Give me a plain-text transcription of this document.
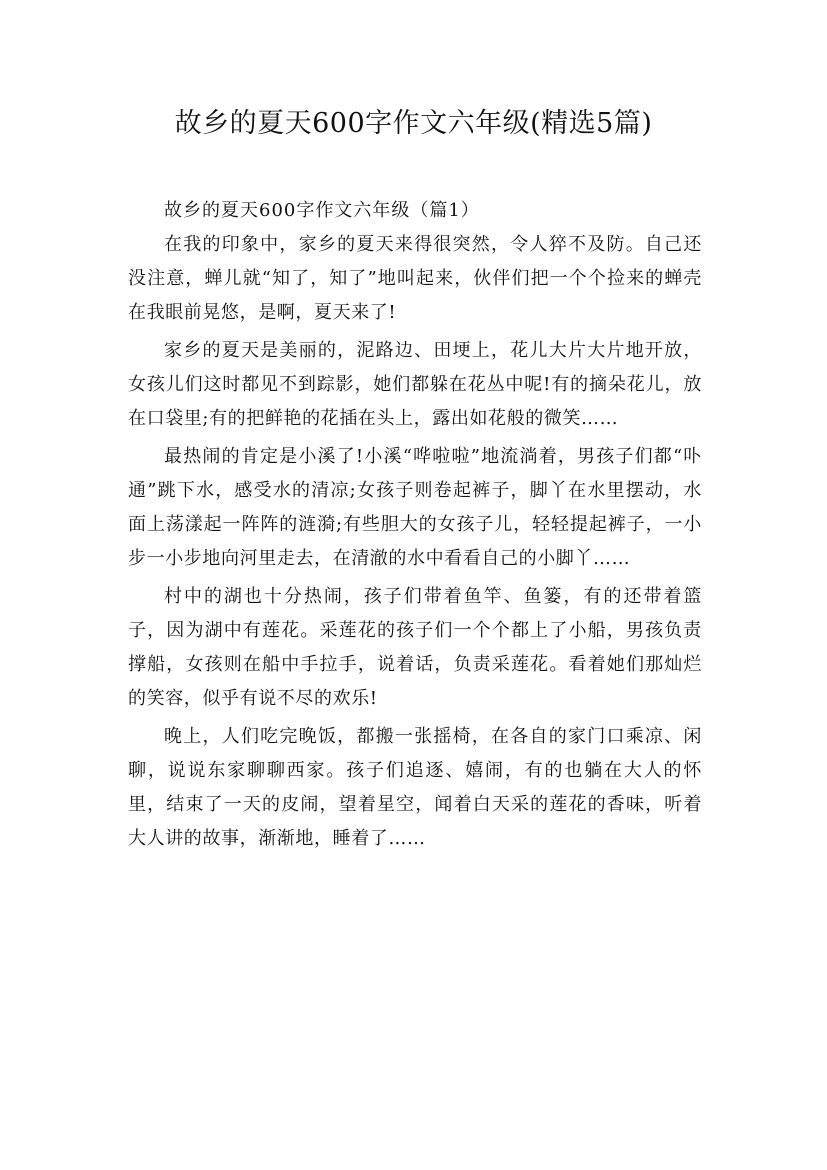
故乡的夏天600字作文六年级(精选5篇)

故乡的夏天600字作文六年级（篇1）

在我的印象中，家乡的夏天来得很突然，令人猝不及防。自己还没注意，蝉儿就“知了，知了”地叫起来，伙伴们把一个个捡来的蝉壳在我眼前晃悠，是啊，夏天来了!

家乡的夏天是美丽的，泥路边、田埂上，花儿大片大片地开放，女孩儿们这时都见不到踪影，她们都躲在花丛中呢!有的摘朵花儿，放在口袋里;有的把鲜艳的花插在头上，露出如花般的微笑……

最热闹的肯定是小溪了!小溪“哗啦啦”地流淌着，男孩子们都“卟通”跳下水，感受水的清凉;女孩子则卷起裤子，脚丫在水里摆动，水面上荡漾起一阵阵的涟漪;有些胆大的女孩子儿，轻轻提起裤子，一小步一小步地向河里走去，在清澈的水中看看自己的小脚丫……

村中的湖也十分热闹，孩子们带着鱼竿、鱼篓，有的还带着篮子，因为湖中有莲花。采莲花的孩子们一个个都上了小船，男孩负责撑船，女孩则在船中手拉手，说着话，负责采莲花。看着她们那灿烂的笑容，似乎有说不尽的欢乐!

晚上，人们吃完晚饭，都搬一张摇椅，在各自的家门口乘凉、闲聊，说说东家聊聊西家。孩子们追逐、嬉闹，有的也躺在大人的怀里，结束了一天的皮闹，望着星空，闻着白天采的莲花的香味，听着大人讲的故事，渐渐地，睡着了……
